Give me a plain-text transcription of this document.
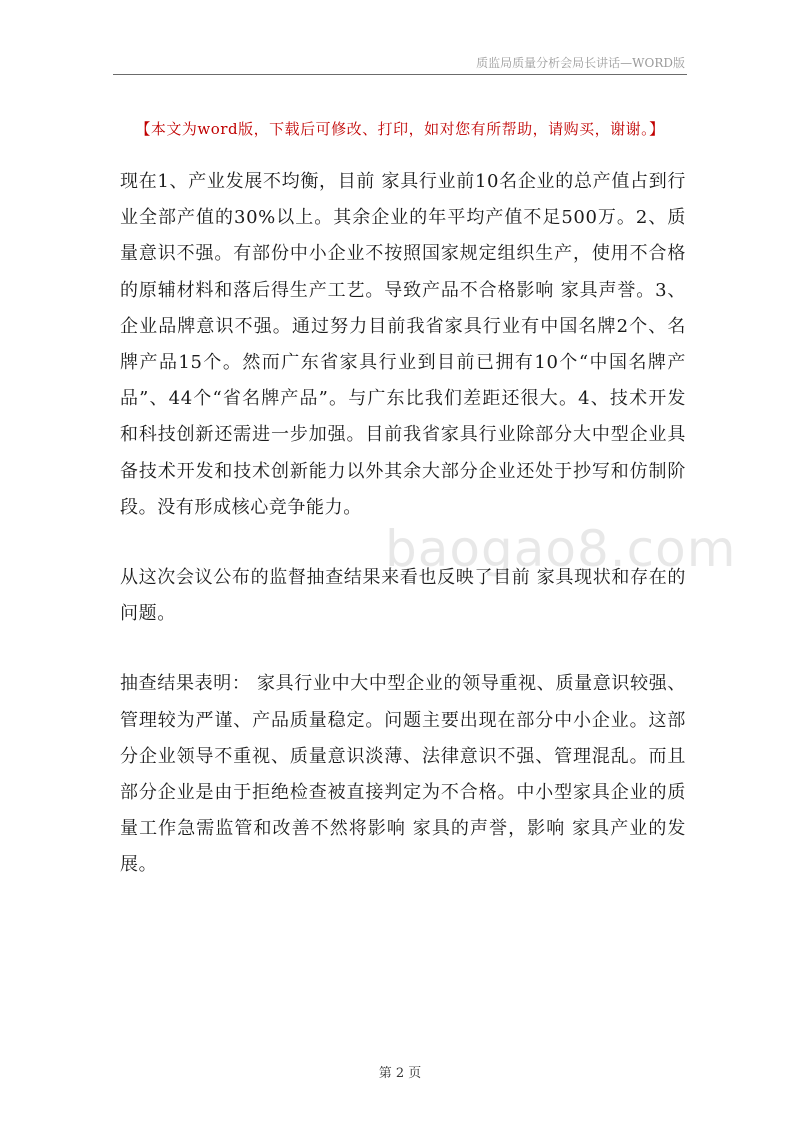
质监局质量分析会局长讲话—WORD版
【本文为word版，下载后可修改、打印，如对您有所帮助，请购买，谢谢。】

现在1、产业发展不均衡，目前 家具行业前10名企业的总产值占到行业全部产值的30%以上。其余企业的年平均产值不足500万。2、质量意识不强。有部份中小企业不按照国家规定组织生产，使用不合格的原辅材料和落后得生产工艺。导致产品不合格影响 家具声誉。3、企业品牌意识不强。通过努力目前我省家具行业有中国名牌2个、名牌产品15个。然而广东省家具行业到目前已拥有10个“中国名牌产品”、44个“省名牌产品”。与广东比我们差距还很大。4、技术开发和科技创新还需进一步加强。目前我省家具行业除部分大中型企业具备技术开发和技术创新能力以外其余大部分企业还处于抄写和仿制阶段。没有形成核心竞争能力。

从这次会议公布的监督抽查结果来看也反映了目前 家具现状和存在的问题。

抽查结果表明： 家具行业中大中型企业的领导重视、质量意识较强、管理较为严谨、产品质量稳定。问题主要出现在部分中小企业。这部分企业领导不重视、质量意识淡薄、法律意识不强、管理混乱。而且部分企业是由于拒绝检查被直接判定为不合格。中小型家具企业的质量工作急需监管和改善不然将影响 家具的声誉，影响 家具产业的发展。

baogao8.com
第 2 页
